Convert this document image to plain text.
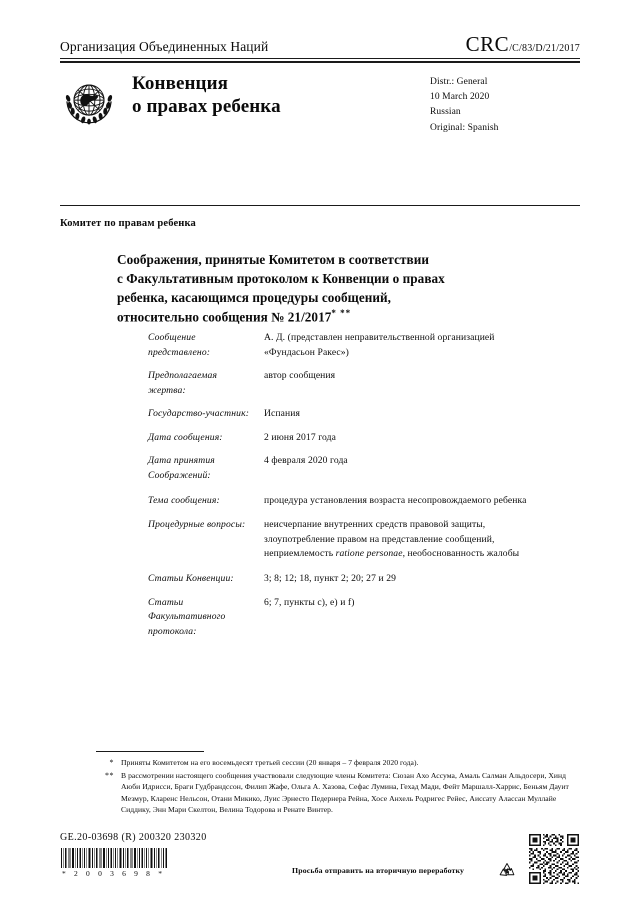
Организация Объединенных Наций	CRC/C/83/D/21/2017
Конвенция
о правах ребенка
Distr.: General
10 March 2020
Russian
Original: Spanish
Комитет по правам ребенка
Соображения, принятые Комитетом в соответствии
с Факультативным протоколом к Конвенции о правах
ребенка, касающимся процедуры сообщений,
относительно сообщения № 21/2017* **
Сообщение представлено:
А. Д. (представлен неправительственной организацией «Фундасьон Ракес»)
Предполагаемая жертва:
автор сообщения
Государство-участник:	Испания
Дата сообщения:	2 июня 2017 года
Дата принятия Соображений:
4 февраля 2020 года
Тема сообщения:	процедура установления возраста несопровождаемого ребенка
Процедурные вопросы:	неисчерпание внутренних средств правовой защиты, злоупотребление правом на представление сообщений, неприемлемость ratione personae, необоснованность жалобы
Статьи Конвенции:	3; 8; 12; 18, пункт 2; 20; 27 и 29
Статьи Факультативного протокола:
6; 7, пункты c), e) и f)
* Приняты Комитетом на его восемьдесят третьей сессии (20 января – 7 февраля 2020 года).
** В рассмотрении настоящего сообщения участвовали следующие члены Комитета: Сюзан Ахо Ассума, Амаль Салман Альдосери, Хинд Аюби Идрисси, Браги Гудбрандссон, Филип Жафе, Ольга А. Хазова, Сефас Лумина, Гехад Мади, Фейт Маршалл-Харрис, Беньям Дауит Мезмур, Кларенс Нельсон, Отани Микико, Луис Эрнесто Педернера Рейна, Хосе Анхель Родригес Рейес, Аиссату Алассан Муллайе Сиддику, Энн Мари Скелтон, Велина Тодорова и Ренате Винтер.
GE.20-03698 (R) 200320 230320
* 2 0 0 3 6 9 8 *	Просьба отправить на вторичную переработку
